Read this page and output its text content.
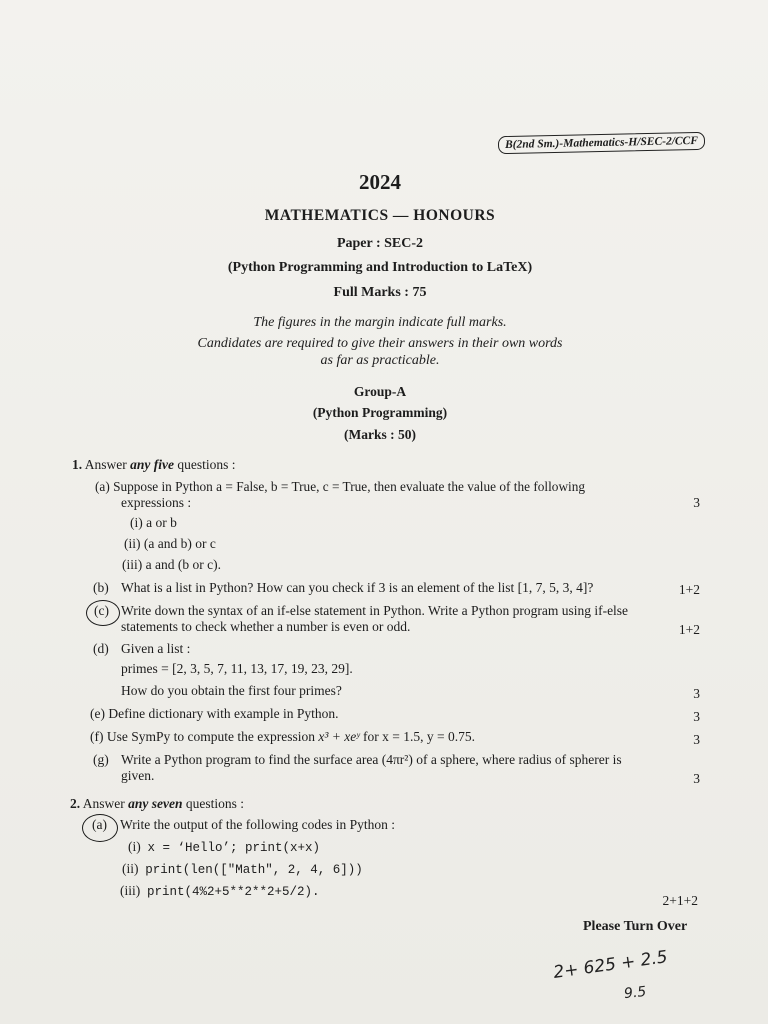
B(2nd Sm.)-Mathematics-H/SEC-2/CCF
2024
MATHEMATICS — HONOURS
Paper : SEC-2
(Python Programming and Introduction to LaTeX)
Full Marks : 75
The figures in the margin indicate full marks.
Candidates are required to give their answers in their own words
as far as practicable.
Group-A
(Python Programming)
(Marks : 50)
1. Answer any five questions :
(a) Suppose in Python a = False, b = True, c = True, then evaluate the value of the following
expressions :	3
(i) a or b
(ii) (a and b) or c
(iii) a and (b or c).
(b) What is a list in Python? How can you check if 3 is an element of the list [1, 7, 5, 3, 4]?	1+2
(c) Write down the syntax of an if-else statement in Python. Write a Python program using if-else
statements to check whether a number is even or odd.	1+2
(d) Given a list :
primes = [2, 3, 5, 7, 11, 13, 17, 19, 23, 29].
How do you obtain the first four primes?	3
(e) Define dictionary with example in Python.	3
(f) Use SymPy to compute the expression x³ + xeʸ for x = 1.5, y = 0.75.	3
(g) Write a Python program to find the surface area (4πr²) of a sphere, where radius of spherer is
given.	3
2. Answer any seven questions :
(a) Write the output of the following codes in Python :
(i) x = ‘Hello’; print(x+x)
(ii) print(len(["Math", 2, 4, 6]))
(iii) print(4%2+5**2**2+5/2).
2+1+2
Please Turn Over
2+ 625 + 2.5
9.5
